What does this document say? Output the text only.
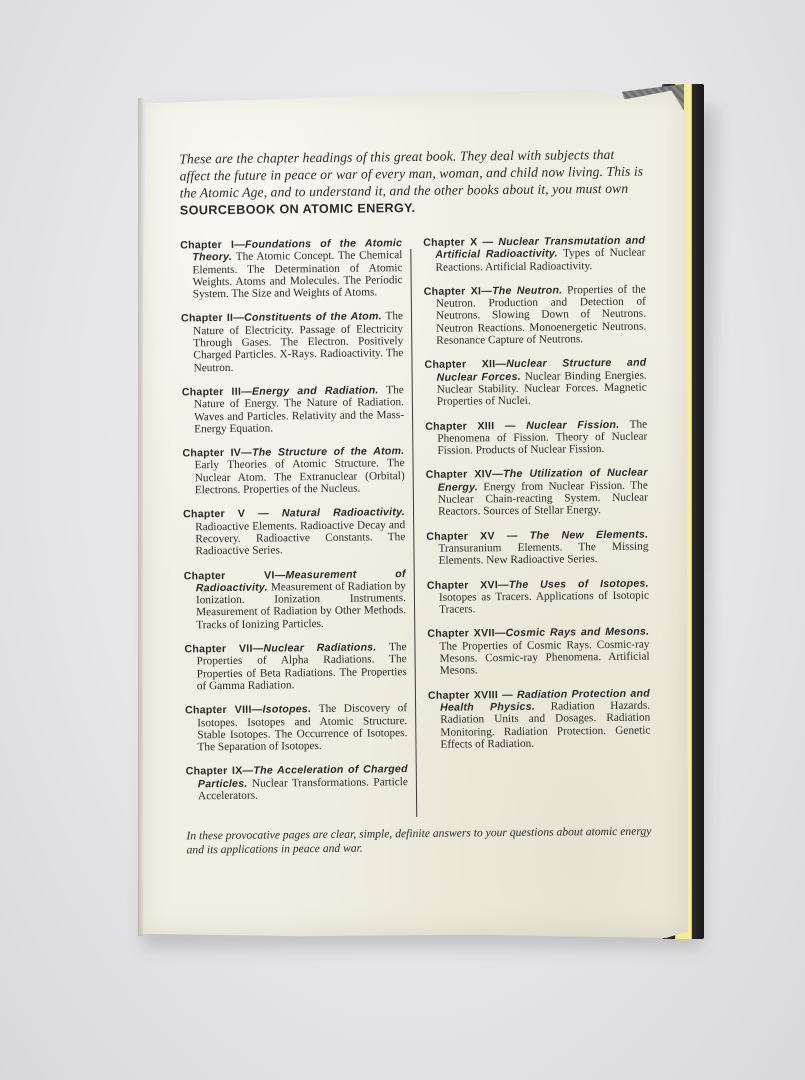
These are the chapter headings of this great book. They deal with subjects that affect the future in peace or war of every man, woman, and child now living. This is the Atomic Age, and to understand it, and the other books about it, you must own SOURCEBOOK ON ATOMIC ENERGY.

Chapter I—Foundations of the Atomic Theory. The Atomic Concept. The Chemical Elements. The Determination of Atomic Weights. Atoms and Molecules. The Periodic System. The Size and Weights of Atoms.
Chapter II—Constituents of the Atom. The Nature of Electricity. Passage of Electricity Through Gases. The Electron. Positively Charged Particles. X-Rays. Radioactivity. The Neutron.
Chapter III—Energy and Radiation. The Nature of Energy. The Nature of Radiation. Waves and Particles. Relativity and the Mass-Energy Equation.
Chapter IV—The Structure of the Atom. Early Theories of Atomic Structure. The Nuclear Atom. The Extranuclear (Orbital) Electrons. Properties of the Nucleus.
Chapter V — Natural Radioactivity. Radioactive Elements. Radioactive Decay and Recovery. Radioactive Constants. The Radioactive Series.
Chapter VI—Measurement of Radioactivity. Measurement of Radiation by Ionization. Ionization Instruments. Measurement of Radiation by Other Methods. Tracks of Ionizing Particles.
Chapter VII—Nuclear Radiations. The Properties of Alpha Radiations. The Properties of Beta Radiations. The Properties of Gamma Radiation.
Chapter VIII—Isotopes. The Discovery of Isotopes. Isotopes and Atomic Structure. Stable Isotopes. The Occurrence of Isotopes. The Separation of Isotopes.
Chapter IX—The Acceleration of Charged Particles. Nuclear Transformations. Particle Accelerators.
Chapter X — Nuclear Transmutation and Artificial Radioactivity. Types of Nuclear Reactions. Artificial Radioactivity.
Chapter XI—The Neutron. Properties of the Neutron. Production and Detection of Neutrons. Slowing Down of Neutrons. Neutron Reactions. Monoenergetic Neutrons. Resonance Capture of Neutrons.
Chapter XII—Nuclear Structure and Nuclear Forces. Nuclear Binding Energies. Nuclear Stability. Nuclear Forces. Magnetic Properties of Nuclei.
Chapter XIII — Nuclear Fission. The Phenomena of Fission. Theory of Nuclear Fission. Products of Nuclear Fission.
Chapter XIV—The Utilization of Nuclear Energy. Energy from Nuclear Fission. The Nuclear Chain-reacting System. Nuclear Reactors. Sources of Stellar Energy.
Chapter XV — The New Elements. Transuranium Elements. The Missing Elements. New Radioactive Series.
Chapter XVI—The Uses of Isotopes. Isotopes as Tracers. Applications of Isotopic Tracers.
Chapter XVII—Cosmic Rays and Mesons. The Properties of Cosmic Rays. Cosmic-ray Mesons. Cosmic-ray Phenomena. Artificial Mesons.
Chapter XVIII — Radiation Protection and Health Physics. Radiation Hazards. Radiation Units and Dosages. Radiation Monitoring. Radiation Protection. Genetic Effects of Radiation.

In these provocative pages are clear, simple, definite answers to your questions about atomic energy and its applications in peace and war.
